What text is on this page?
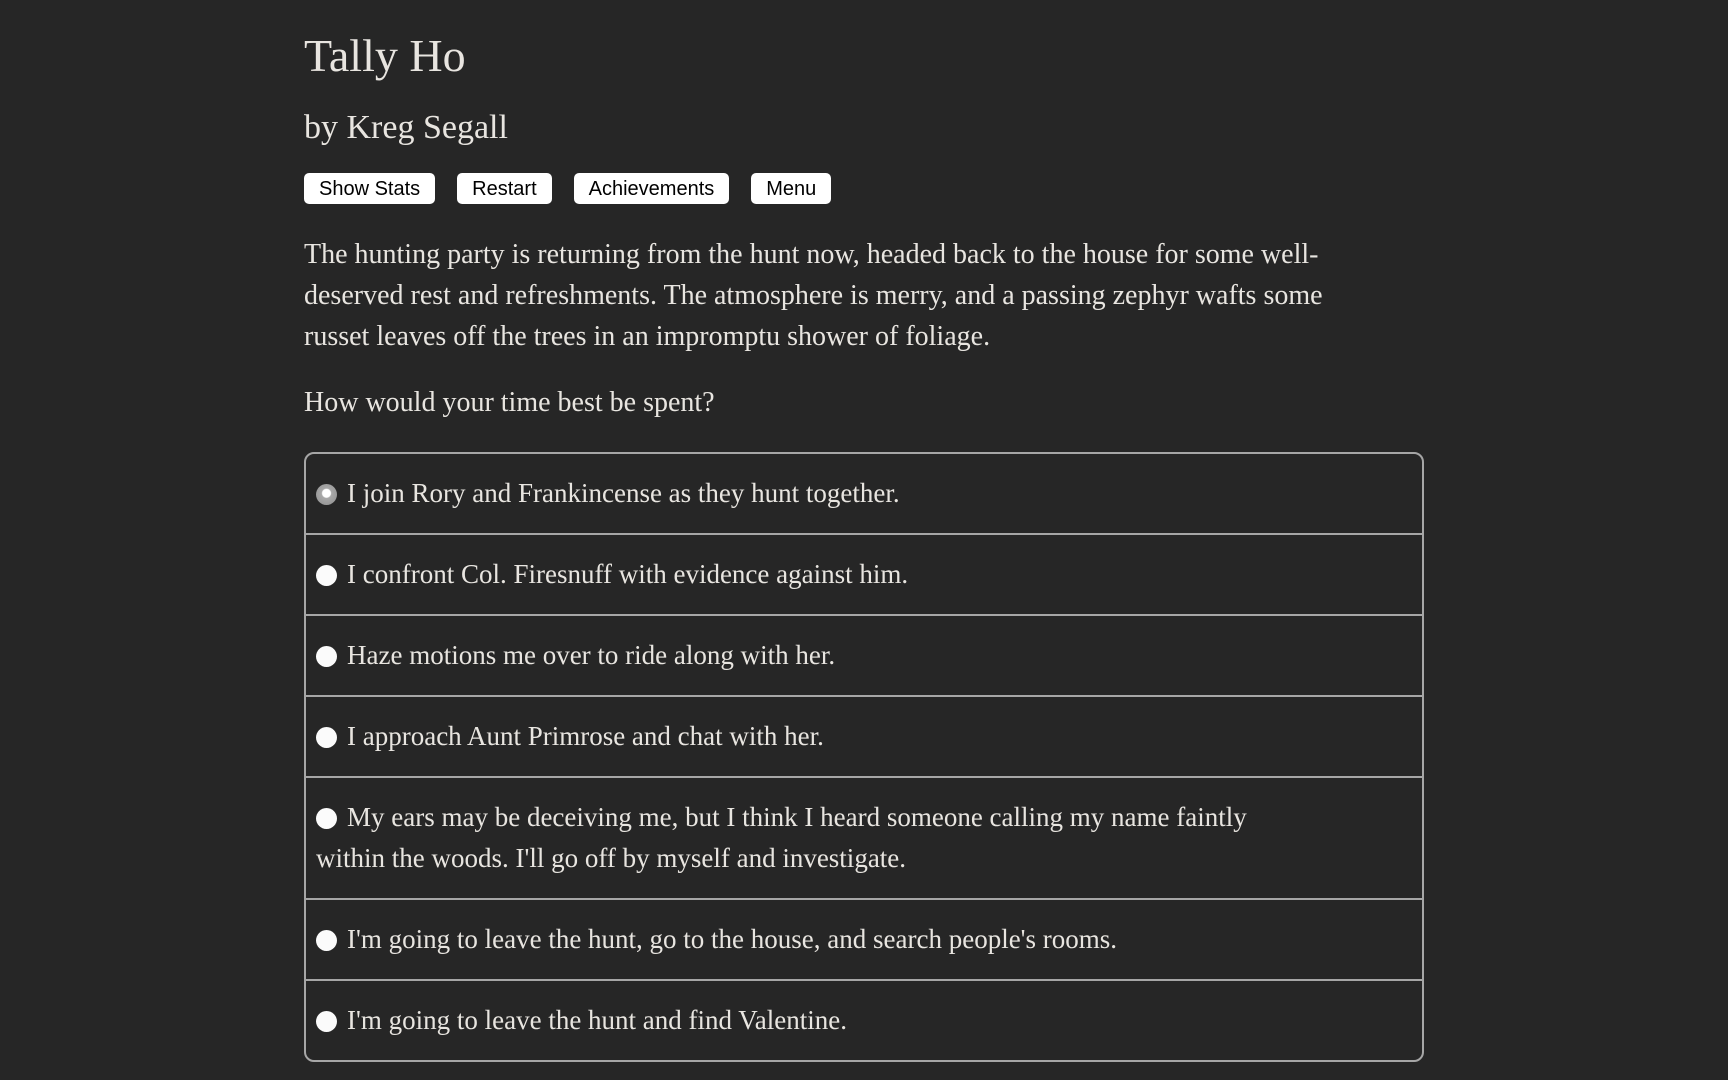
Tally Ho
by Kreg Segall
Show Stats	Restart	Achievements	Menu
The hunting party is returning from the hunt now, headed back to the house for some well-
deserved rest and refreshments. The atmosphere is merry, and a passing zephyr wafts some
russet leaves off the trees in an impromptu shower of foliage.
How would your time best be spent?
I join Rory and Frankincense as they hunt together.
I confront Col. Firesnuff with evidence against him.
Haze motions me over to ride along with her.
I approach Aunt Primrose and chat with her.
My ears may be deceiving me, but I think I heard someone calling my name faintly
within the woods. I'll go off by myself and investigate.
I'm going to leave the hunt, go to the house, and search people's rooms.
I'm going to leave the hunt and find Valentine.
